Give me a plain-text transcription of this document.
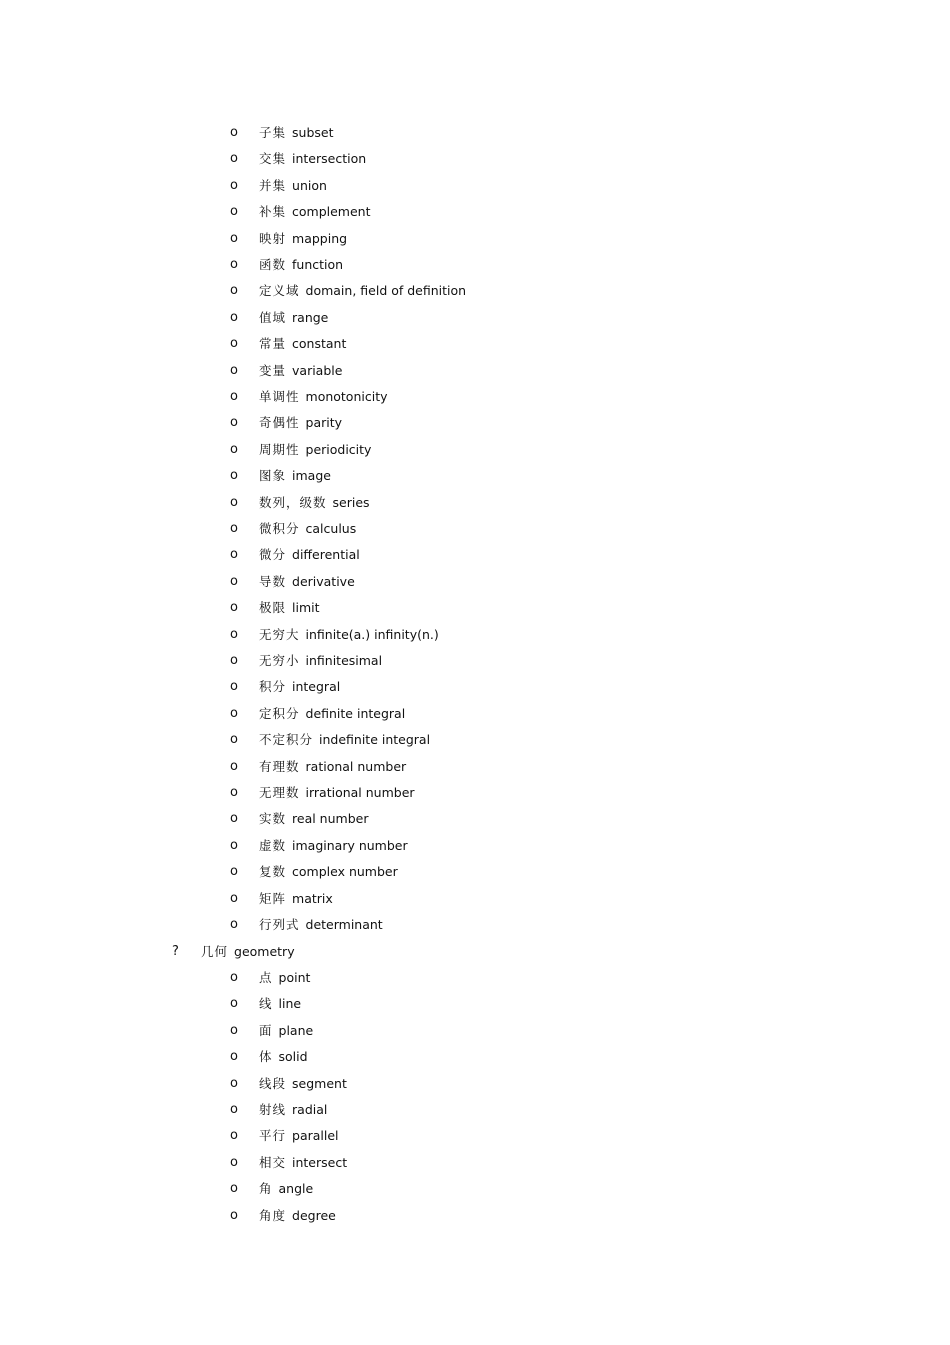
o	子集 subset
o	交集 intersection
o	并集 union
o	补集 complement
o	映射 mapping
o	函数 function
o	定义域 domain, field of definition
o	值域 range
o	常量 constant
o	变量 variable
o	单调性 monotonicity
o	奇偶性 parity
o	周期性 periodicity
o	图象 image
o	数列，级数 series
o	微积分 calculus
o	微分 differential
o	导数 derivative
o	极限 limit
o	无穷大 infinite(a.) infinity(n.)
o	无穷小 infinitesimal
o	积分 integral
o	定积分 definite integral
o	不定积分 indefinite integral
o	有理数 rational number
o	无理数 irrational number
o	实数 real number
o	虚数 imaginary number
o	复数 complex number
o	矩阵 matrix
o	行列式 determinant
? 几何 geometry
o	点 point
o	线 line
o	面 plane
o	体 solid
o	线段 segment
o	射线 radial
o	平行 parallel
o	相交 intersect
o	角 angle
o	角度 degree
